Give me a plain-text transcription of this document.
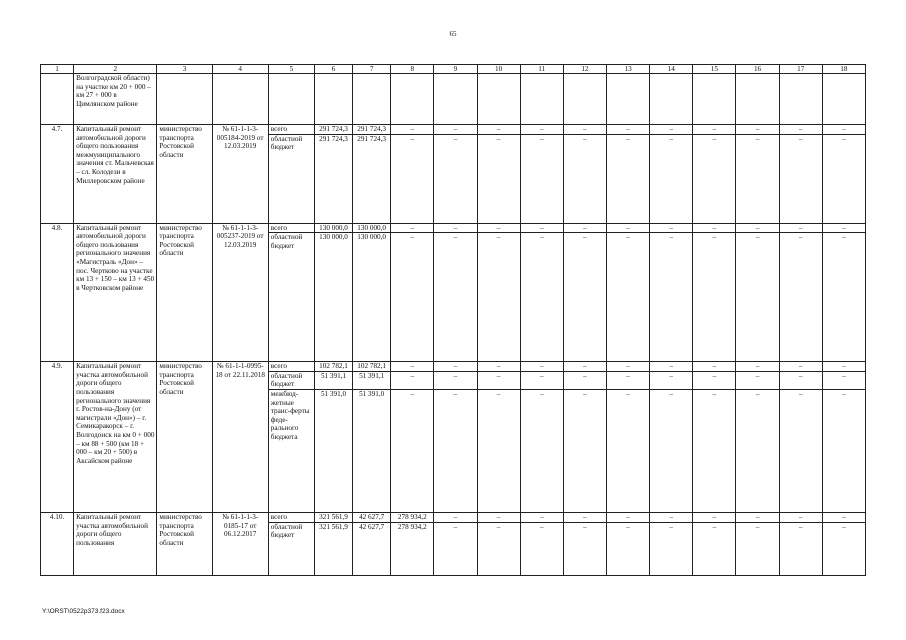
65
1	2	3	4	5	6	7	8	9	10	11	12	13	14	15	16	17	18
	Волгоградской области) на участке км 20 + 000 – км 27 + 000 в Цимлянском районе																
4.7.	Капитальный ремонт автомобильной дороги общего пользования межмуниципального значения ст. Мальчевская – сл. Колодези в Миллеровском районе	министерство транспорта Ростовской области	№ 61-1-1-3-005184-2019 от 12.03.2019	всего	291 724,3	291 724,3	–	–	–	–	–	–	–	–	–	–	–
				областной бюджет	291 724,3	291 724,3	–	–	–	–	–	–	–	–	–	–	–
4.8.	Капитальный ремонт автомобильной дороги общего пользования регионального значения «Магистраль «Дон» – пос. Чертково на участке км 13 + 150 – км 13 + 450 в Чертковском районе	министерство транспорта Ростовской области	№ 61-1-1-3-005237-2019 от 12.03.2019	всего	130 000,0	130 000,0	–	–	–	–	–	–	–	–	–	–	–
				областной бюджет	130 000,0	130 000,0	–	–	–	–	–	–	–	–	–	–	–
4.9.	Капитальный ремонт участка автомобильной дороги общего пользования регионального значения г. Ростов-на-Дону (от магистрали «Дон») – г. Семикаракорск – г. Волгодонск на км 0 + 000 – км 88 + 500 (км 18 + 000 – км 20 + 500) в Аксайском районе	министерство транспорта Ростовской области	№ 61-1-1-0995-18 от 22.11.2018	всего	102 782,1	102 782,1	–	–	–	–	–	–	–	–	–	–	–
				областной бюджет	51 391,1	51 391,1	–	–	–	–	–	–	–	–	–	–	–
				межбюд-жетные транс-ферты феде-рального бюджета	51 391,0	51 391,0	–	–	–	–	–	–	–	–	–	–	–
4.10.	Капитальный ремонт участка автомобильной дороги общего пользования	министерство транспорта Ростовской области	№ 61-1-1-3-0185-17 от 06.12.2017	всего	321 561,9	42 627,7	278 934,2	–	–	–	–	–	–	–	–	–	–
				областной бюджет	321 561,9	42 627,7	278 934,2	–	–	–	–	–	–	–	–	–	–
Y:\ORST\0522p373.f23.docx
